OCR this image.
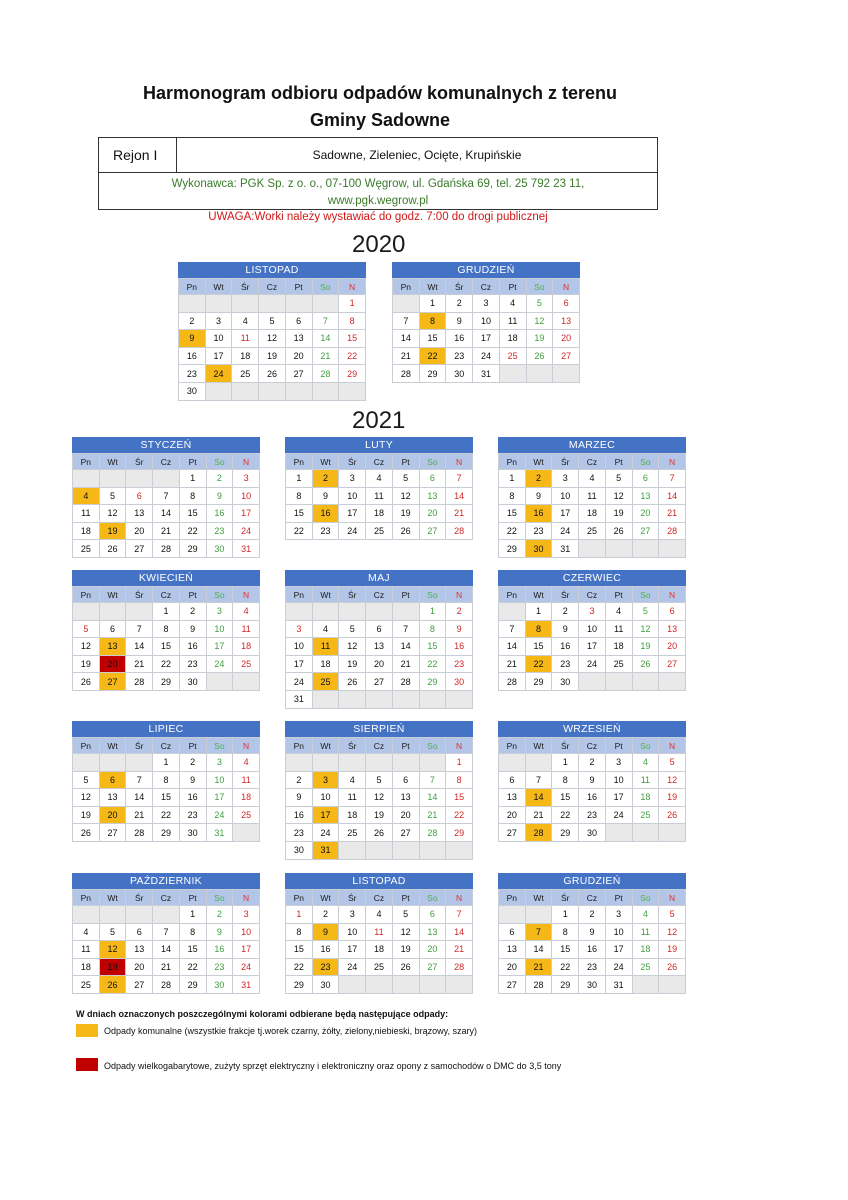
Harmonogram odbioru odpadów komunalnych z terenu
Gminy Sadowne
Rejon I	Sadowne, Zieleniec, Ocięte, Krupińskie
Wykonawca: PGK Sp. z o. o., 07-100 Węgrow, ul. Gdańska 69, tel. 25 792 23 11,
www.pgk.wegrow.pl
UWAGA:Worki należy wystawiać do godz. 7:00 do drogi publicznej
2020
2021
LISTOPAD
Pn	Wt	Śr	Cz	Pt	So	N
						1
2	3	4	5	6	7	8
9	10	11	12	13	14	15
16	17	18	19	20	21	22
23	24	25	26	27	28	29
30						
GRUDZIEŃ
Pn	Wt	Śr	Cz	Pt	So	N
	1	2	3	4	5	6
7	8	9	10	11	12	13
14	15	16	17	18	19	20
21	22	23	24	25	26	27
28	29	30	31			
STYCZEŃ
Pn	Wt	Śr	Cz	Pt	So	N
				1	2	3
4	5	6	7	8	9	10
11	12	13	14	15	16	17
18	19	20	21	22	23	24
25	26	27	28	29	30	31
LUTY
Pn	Wt	Śr	Cz	Pt	So	N
1	2	3	4	5	6	7
8	9	10	11	12	13	14
15	16	17	18	19	20	21
22	23	24	25	26	27	28
MARZEC
Pn	Wt	Śr	Cz	Pt	So	N
1	2	3	4	5	6	7
8	9	10	11	12	13	14
15	16	17	18	19	20	21
22	23	24	25	26	27	28
29	30	31				
KWIECIEŃ
Pn	Wt	Śr	Cz	Pt	So	N
			1	2	3	4
5	6	7	8	9	10	11
12	13	14	15	16	17	18
19	20	21	22	23	24	25
26	27	28	29	30		
MAJ
Pn	Wt	Śr	Cz	Pt	So	N
					1	2
3	4	5	6	7	8	9
10	11	12	13	14	15	16
17	18	19	20	21	22	23
24	25	26	27	28	29	30
31						
CZERWIEC
Pn	Wt	Śr	Cz	Pt	So	N
	1	2	3	4	5	6
7	8	9	10	11	12	13
14	15	16	17	18	19	20
21	22	23	24	25	26	27
28	29	30				
LIPIEC
Pn	Wt	Śr	Cz	Pt	So	N
			1	2	3	4
5	6	7	8	9	10	11
12	13	14	15	16	17	18
19	20	21	22	23	24	25
26	27	28	29	30	31	
SIERPIEŃ
Pn	Wt	Śr	Cz	Pt	So	N
						1
2	3	4	5	6	7	8
9	10	11	12	13	14	15
16	17	18	19	20	21	22
23	24	25	26	27	28	29
30	31					
WRZESIEŃ
Pn	Wt	Śr	Cz	Pt	So	N
		1	2	3	4	5
6	7	8	9	10	11	12
13	14	15	16	17	18	19
20	21	22	23	24	25	26
27	28	29	30			
PAŹDZIERNIK
Pn	Wt	Śr	Cz	Pt	So	N
				1	2	3
4	5	6	7	8	9	10
11	12	13	14	15	16	17
18	19	20	21	22	23	24
25	26	27	28	29	30	31
LISTOPAD
Pn	Wt	Śr	Cz	Pt	So	N
1	2	3	4	5	6	7
8	9	10	11	12	13	14
15	16	17	18	19	20	21
22	23	24	25	26	27	28
29	30					
GRUDZIEŃ
Pn	Wt	Śr	Cz	Pt	So	N
		1	2	3	4	5
6	7	8	9	10	11	12
13	14	15	16	17	18	19
20	21	22	23	24	25	26
27	28	29	30	31		
W dniach oznaczonych poszczególnymi kolorami odbierane będą następujące odpady:
Odpady komunalne (wszystkie frakcje tj.worek czarny, żółty, zielony,niebieski, brązowy, szary)
Odpady wielkogabarytowe, zużyty sprzęt elektryczny i elektroniczny oraz opony z samochodów o DMC do 3,5 tony
